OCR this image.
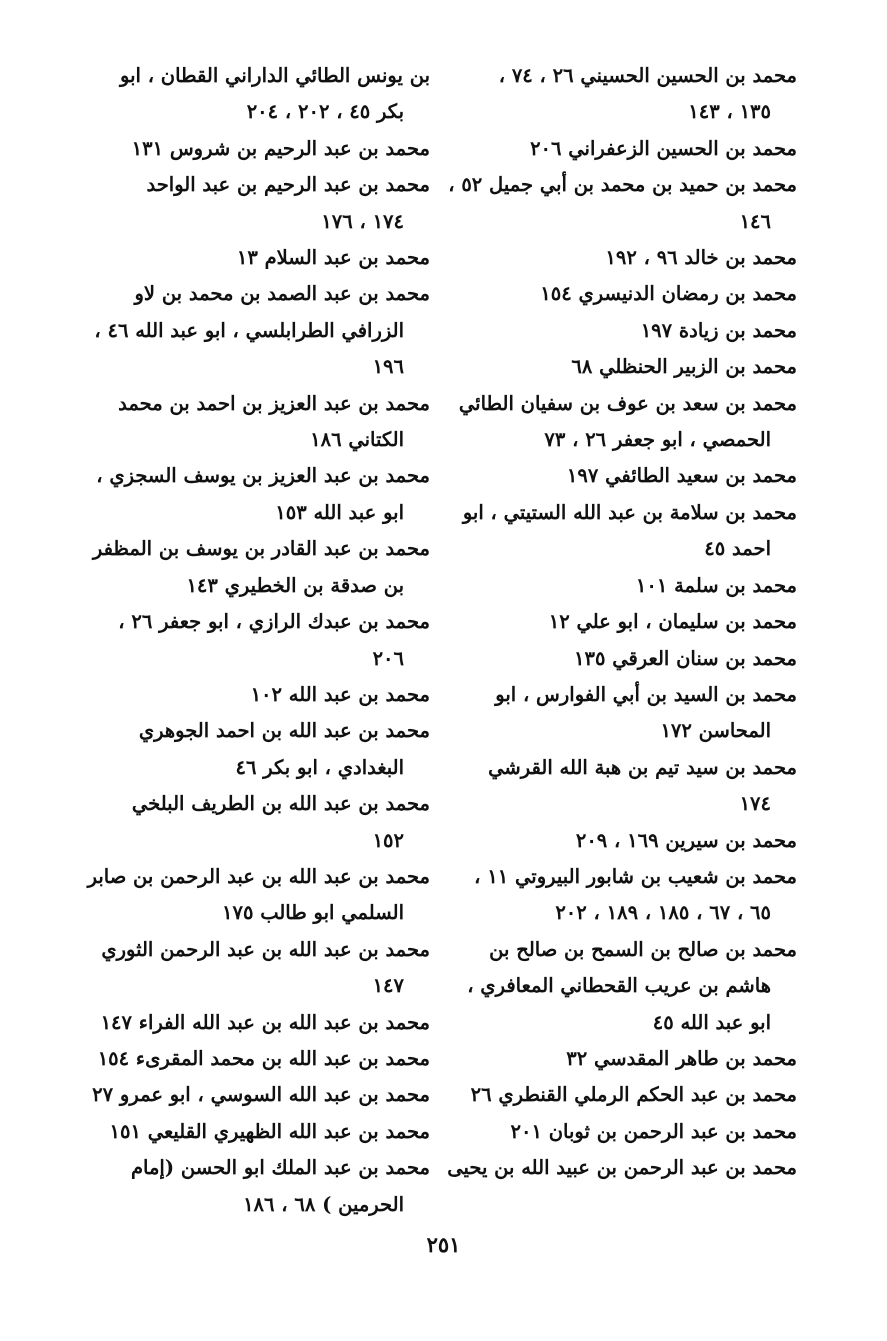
محمد بن الحسين الحسيني ٢٦ ، ٧٤ ،
١٣٥ ، ١٤٣
محمد بن الحسين الزعفراني ٢٠٦
محمد بن حميد بن محمد بن أبي جميل ٥٢ ،
١٤٦
محمد بن خالد ٩٦ ، ١٩٢
محمد بن رمضان الدنيسري ١٥٤
محمد بن زيادة ١٩٧
محمد بن الزبير الحنظلي ٦٨
محمد بن سعد بن عوف بن سفيان الطائي
الحمصي ، ابو جعفر ٢٦ ، ٧٣
محمد بن سعيد الطائفي ١٩٧
محمد بن سلامة بن عبد الله الستيتي ، ابو
احمد ٤٥
محمد بن سلمة ١٠١
محمد بن سليمان ، ابو علي ١٢
محمد بن سنان العرقي ١٣٥
محمد بن السيد بن أبي الفوارس ، ابو
المحاسن ١٧٢
محمد بن سيد تيم بن هبة الله القرشي
١٧٤
محمد بن سيرين ١٦٩ ، ٢٠٩
محمد بن شعيب بن شابور البيروتي ١١ ،
٦٥ ، ٦٧ ، ١٨٥ ، ١٨٩ ، ٢٠٢
محمد بن صالح بن السمح بن صالح بن
هاشم بن عريب القحطاني المعافري ،
ابو عبد الله ٤٥
محمد بن طاهر المقدسي ٣٢
محمد بن عبد الحكم الرملي القنطري ٢٦
محمد بن عبد الرحمن بن ثوبان ٢٠١
محمد بن عبد الرحمن بن عبيد الله بن يحيى
بن يونس الطائي الداراني القطان ، ابو
بكر ٤٥ ، ٢٠٢ ، ٢٠٤
محمد بن عبد الرحيم بن شروس ١٣١
محمد بن عبد الرحيم بن عبد الواحد
١٧٤ ، ١٧٦
محمد بن عبد السلام ١٣
محمد بن عبد الصمد بن محمد بن لاو
الزرافي الطرابلسي ، ابو عبد الله ٤٦ ،
١٩٦
محمد بن عبد العزيز بن احمد بن محمد
الكتاني ١٨٦
محمد بن عبد العزيز بن يوسف السجزي ،
ابو عبد الله ١٥٣
محمد بن عبد القادر بن يوسف بن المظفر
بن صدقة بن الخطيري ١٤٣
محمد بن عبدك الرازي ، ابو جعفر ٢٦ ،
٢٠٦
محمد بن عبد الله ١٠٢
محمد بن عبد الله بن احمد الجوهري
البغدادي ، ابو بكر ٤٦
محمد بن عبد الله بن الطريف البلخي
١٥٢
محمد بن عبد الله بن عبد الرحمن بن صابر
السلمي ابو طالب ١٧٥
محمد بن عبد الله بن عبد الرحمن الثوري
١٤٧
محمد بن عبد الله بن عبد الله الفراء ١٤٧
محمد بن عبد الله بن محمد المقرىء ١٥٤
محمد بن عبد الله السوسي ، ابو عمرو ٢٧
محمد بن عبد الله الظهيري القليعي ١٥١
محمد بن عبد الملك ابو الحسن (إمام
الحرمين ) ٦٨ ، ١٨٦
٢٥١
